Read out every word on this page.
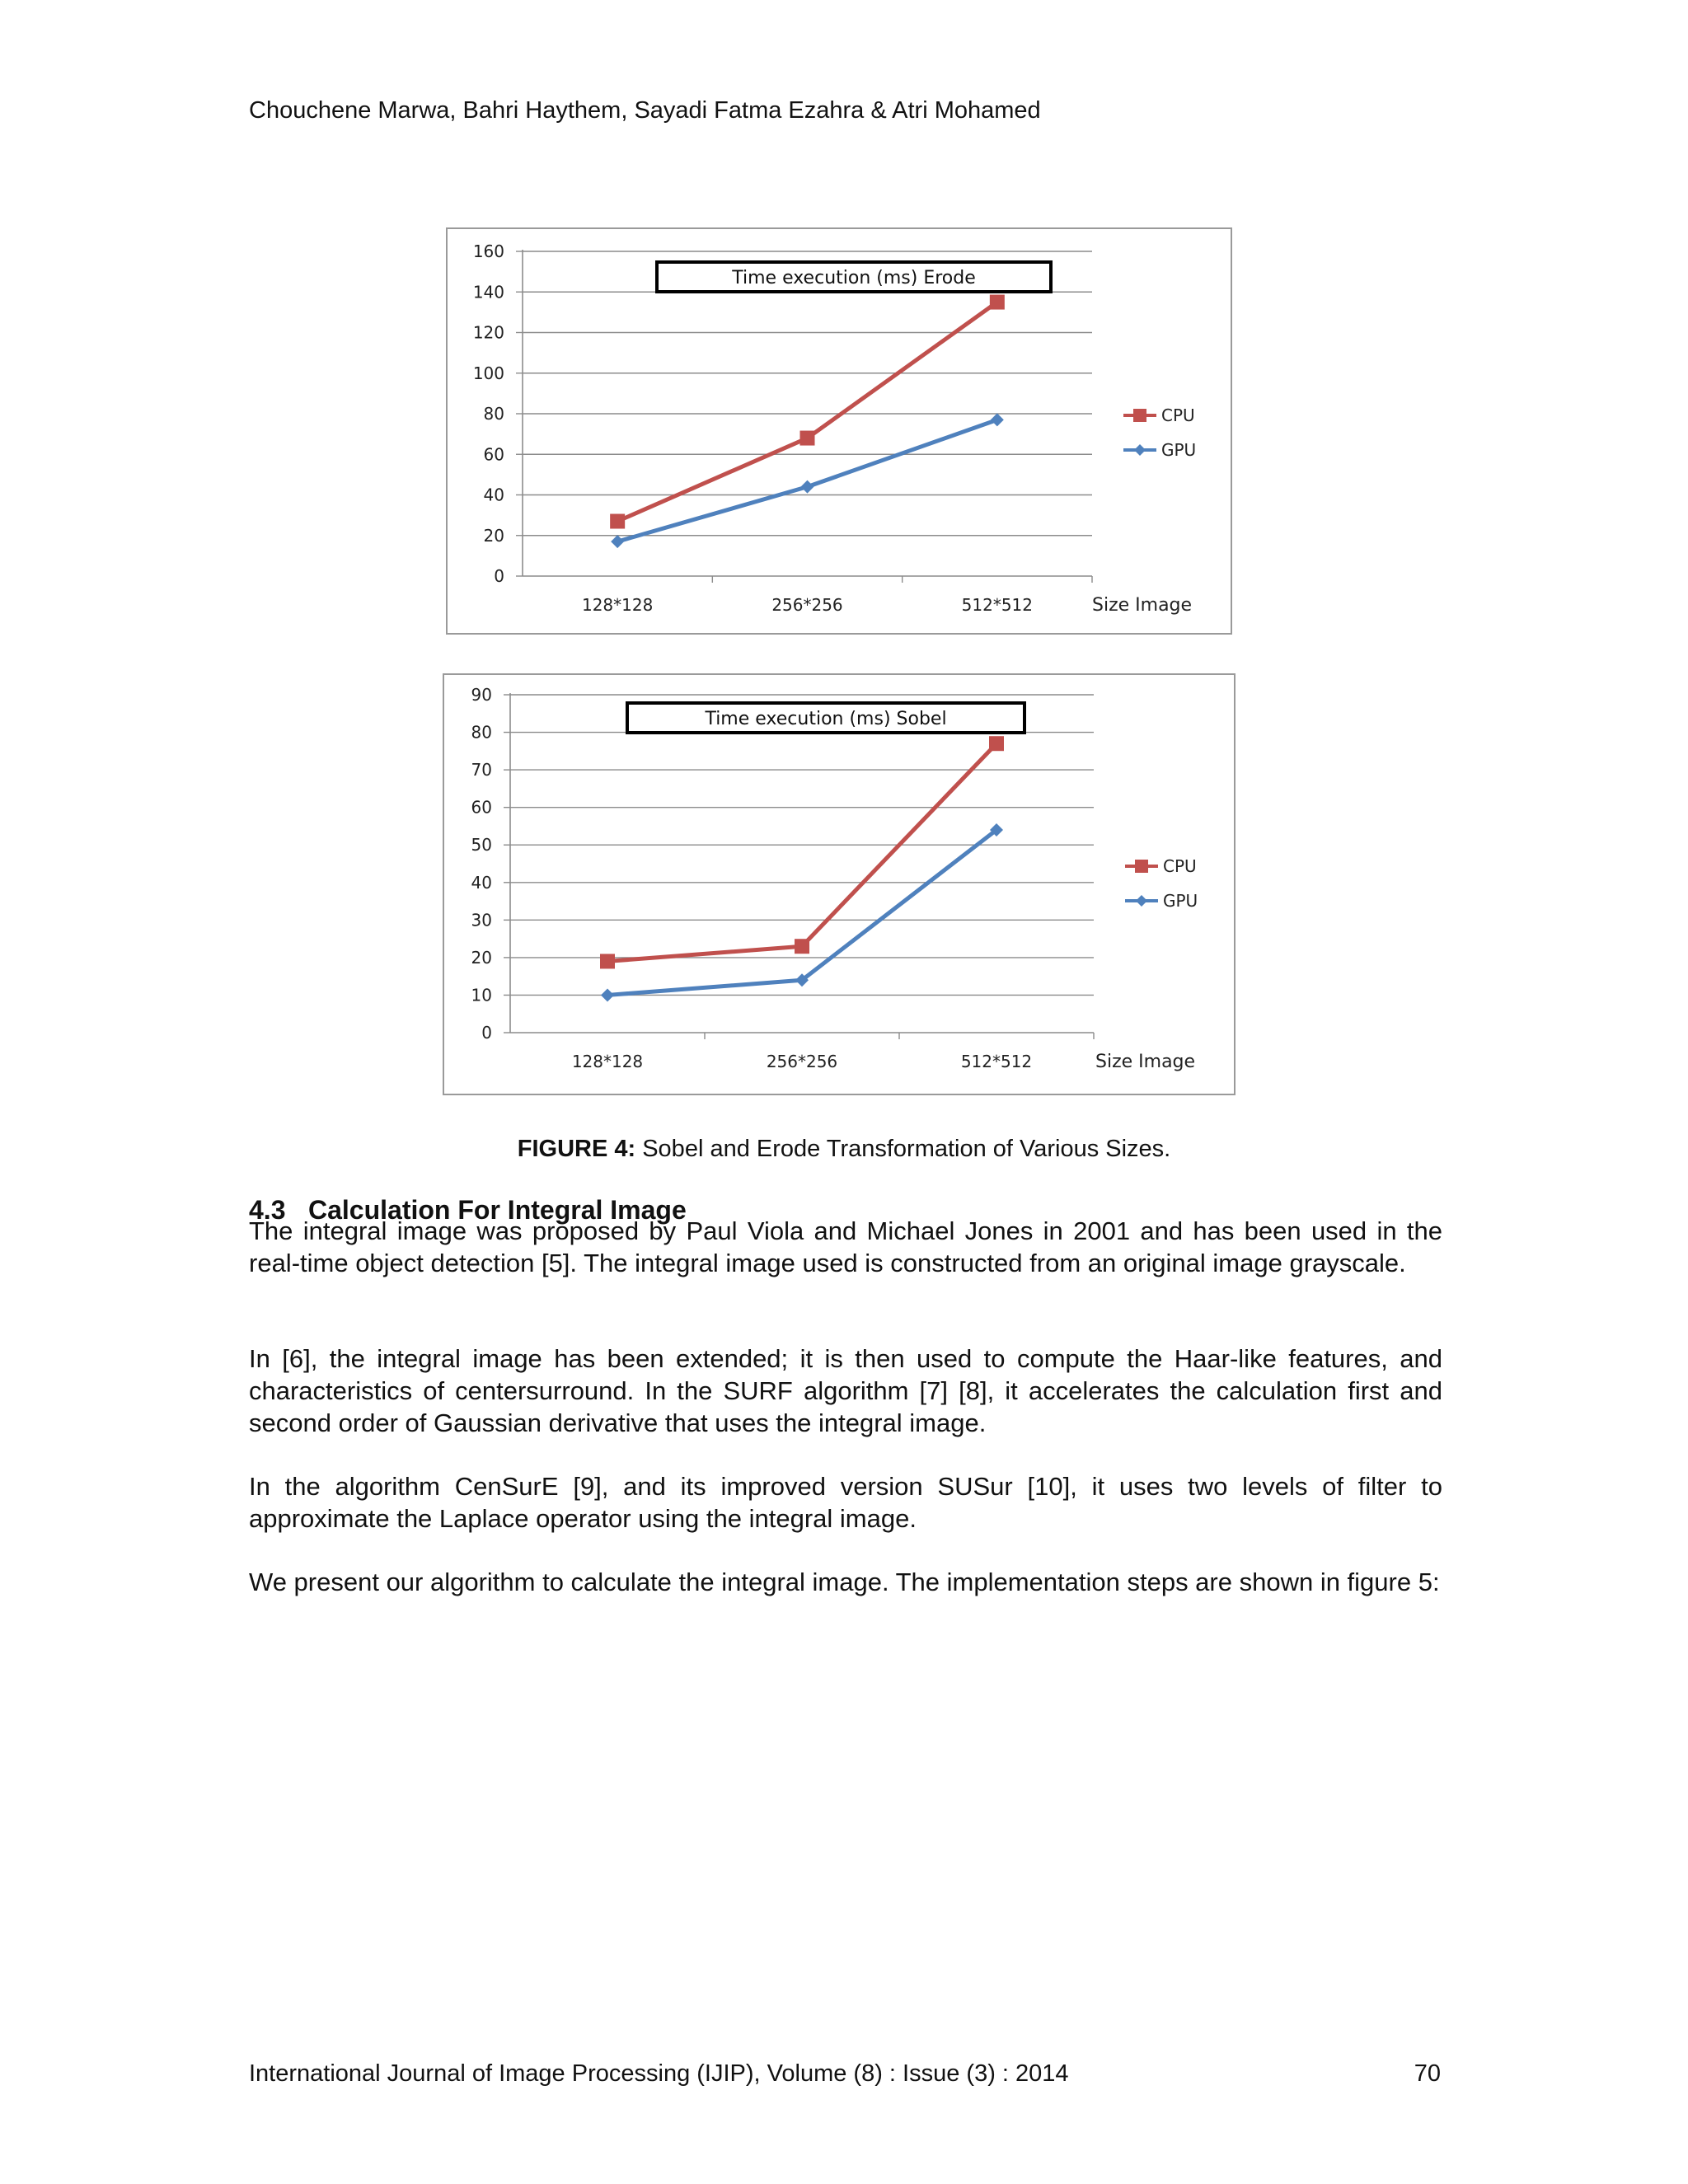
Chouchene Marwa, Bahri Haythem, Sayadi Fatma Ezahra & Atri Mohamed
0
20
40
60
80
100
120
140
160
128*128	256*256	512*512	Size Image
Time execution (ms) Erode
CPU
GPU
0
10
20
30
40
50
60
70
80
90
128*128	256*256	512*512	Size Image
Time execution (ms) Sobel
CPU
GPU
FIGURE 4: Sobel and Erode Transformation of Various Sizes.
4.3 Calculation For Integral Image

The integral image was proposed by Paul Viola and Michael Jones in 2001 and has been used in the real-time object detection [5]. The integral image used is constructed from an original image grayscale.

In [6], the integral image has been extended; it is then used to compute the Haar-like features, and characteristics of centersurround. In the SURF algorithm [7] [8], it accelerates the calculation first and second order of Gaussian derivative that uses the integral image.

In the algorithm CenSurE [9], and its improved version SUSur [10], it uses two levels of filter to approximate the Laplace operator using the integral image.

We present our algorithm to calculate the integral image. The implementation steps are shown in figure 5:

International Journal of Image Processing (IJIP), Volume (8) : Issue (3) : 2014	70
